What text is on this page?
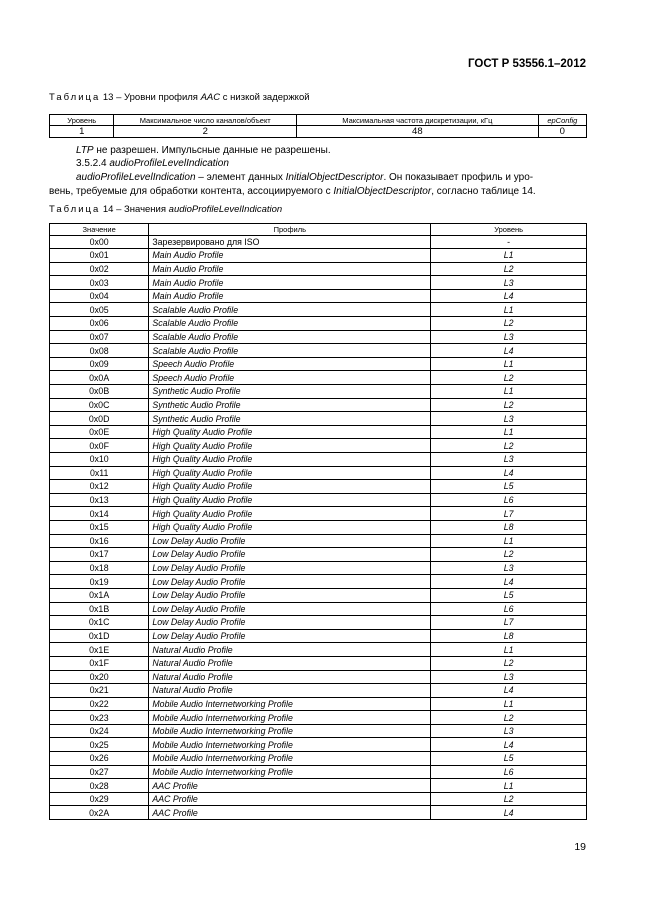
ГОСТ Р 53556.1–2012
Таблица 13 – Уровни профиля AAC с низкой задержкой
Уровень	Максимальное число каналов/объект	Максимальная частота дискретизации, кГц	epConfig
1	2	48	0
LTP не разрешен. Импульсные данные не разрешены.
3.5.2.4 audioProfileLevelIndication
audioProfileLevelIndication – элемент данных InitialObjectDescriptor. Он показывает профиль и уро-
вень, требуемые для обработки контента, ассоциируемого с InitialObjectDescriptor, согласно таблице 14.
Таблица 14 – Значения audioProfileLevelIndication
Значение	Профиль	Уровень
0x00	Зарезервировано для ISO	-
0x01	Main Audio Profile	L1
0x02	Main Audio Profile	L2
0x03	Main Audio Profile	L3
0x04	Main Audio Profile	L4
0x05	Scalable Audio Profile	L1
0x06	Scalable Audio Profile	L2
0x07	Scalable Audio Profile	L3
0x08	Scalable Audio Profile	L4
0x09	Speech Audio Profile	L1
0x0A	Speech Audio Profile	L2
0x0B	Synthetic Audio Profile	L1
0x0C	Synthetic Audio Profile	L2
0x0D	Synthetic Audio Profile	L3
0x0E	High Quality Audio Profile	L1
0x0F	High Quality Audio Profile	L2
0x10	High Quality Audio Profile	L3
0x11	High Quality Audio Profile	L4
0x12	High Quality Audio Profile	L5
0x13	High Quality Audio Profile	L6
0x14	High Quality Audio Profile	L7
0x15	High Quality Audio Profile	L8
0x16	Low Delay Audio Profile	L1
0x17	Low Delay Audio Profile	L2
0x18	Low Delay Audio Profile	L3
0x19	Low Delay Audio Profile	L4
0x1A	Low Delay Audio Profile	L5
0x1B	Low Delay Audio Profile	L6
0x1C	Low Delay Audio Profile	L7
0x1D	Low Delay Audio Profile	L8
0x1E	Natural Audio Profile	L1
0x1F	Natural Audio Profile	L2
0x20	Natural Audio Profile	L3
0x21	Natural Audio Profile	L4
0x22	Mobile Audio Internetworking Profile	L1
0x23	Mobile Audio Internetworking Profile	L2
0x24	Mobile Audio Internetworking Profile	L3
0x25	Mobile Audio Internetworking Profile	L4
0x26	Mobile Audio Internetworking Profile	L5
0x27	Mobile Audio Internetworking Profile	L6
0x28	AAC Profile	L1
0x29	AAC Profile	L2
0x2A	AAC Profile	L4
19
